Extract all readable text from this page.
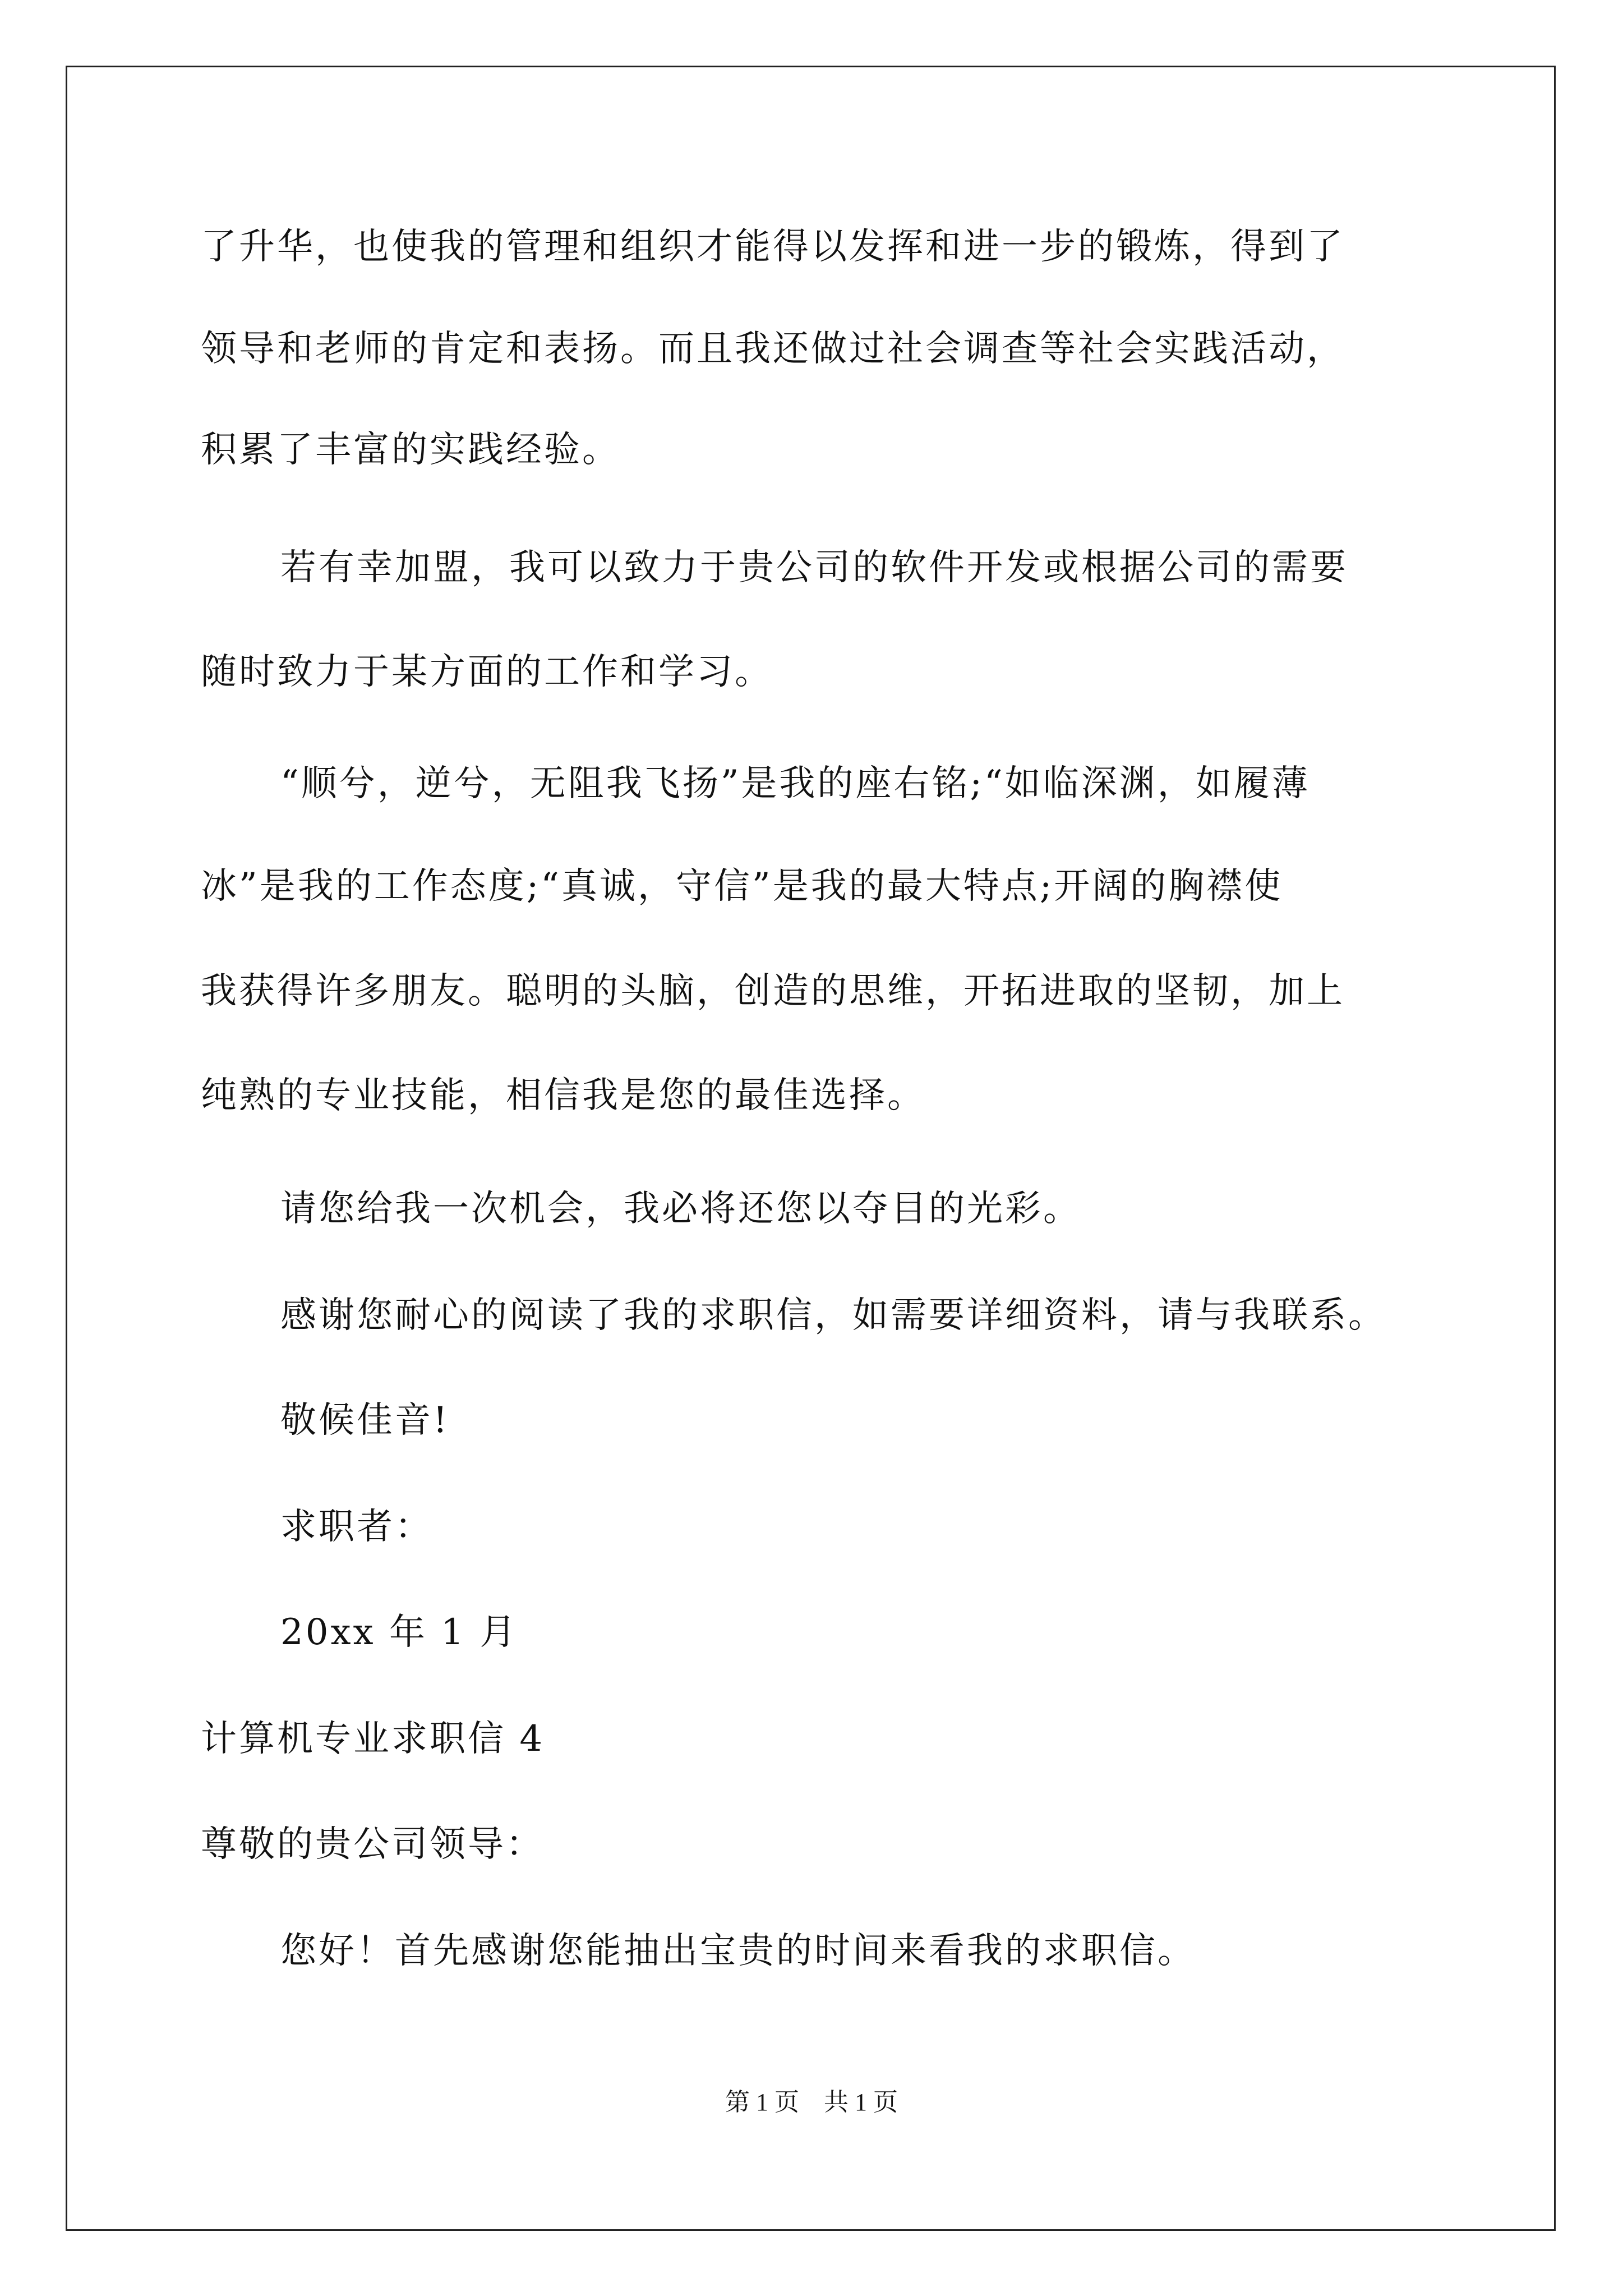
了升华，也使我的管理和组织才能得以发挥和进一步的锻炼，得到了
领导和老师的肯定和表扬。而且我还做过社会调查等社会实践活动，
积累了丰富的实践经验。
若有幸加盟，我可以致力于贵公司的软件开发或根据公司的需要
随时致力于某方面的工作和学习。
“顺兮，逆兮，无阻我飞扬”是我的座右铭;“如临深渊，如履薄
冰”是我的工作态度;“真诚，守信”是我的最大特点;开阔的胸襟使
我获得许多朋友。聪明的头脑，创造的思维，开拓进取的坚韧，加上
纯熟的专业技能，相信我是您的最佳选择。
请您给我一次机会，我必将还您以夺目的光彩。
感谢您耐心的阅读了我的求职信，如需要详细资料，请与我联系。
敬候佳音!
求职者：
20xx 年 1 月
计算机专业求职信 4
尊敬的贵公司领导：
您好！首先感谢您能抽出宝贵的时间来看我的求职信。
第 1 页 共 1 页
